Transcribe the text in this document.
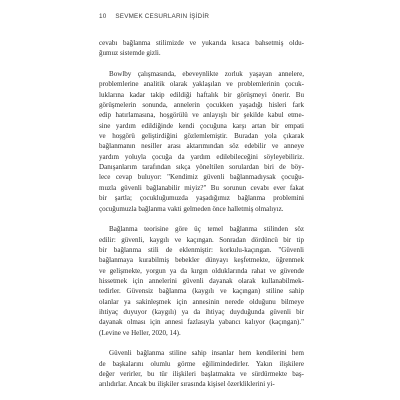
10 SEVMEK CESURLARIN İŞİDİR
cevabı bağlanma stilimizde ve yukarıda kısaca bahsetmiş oldu-
ğumuz sistemde gizli.
Bowlby çalışmasında, ebeveynlikte zorluk yaşayan annelere,
problemlerine analitik olarak yaklaşılan ve problemlerinin çocuk-
luklarına kadar takip edildiği haftalık bir görüşmeyi önerir. Bu
görüşmelerin sonunda, annelerin çocukken yaşadığı hisleri fark
edip hatırlamasına, hoşgörülü ve anlayışlı bir şekilde kabul etme-
sine yardım edildiğinde kendi çocuğuna karşı artan bir empati
ve hoşgörü geliştirdiğini gözlemlemiştir. Buradan yola çıkarak
bağlanmanın nesiller arası aktarımından söz edebilir ve anneye
yardım yoluyla çocuğa da yardım edilebileceğini söyleyebiliriz.
Danışanlarım tarafından sıkça yöneltilen sorulardan biri de böy-
lece cevap buluyor: "Kendimiz güvenli bağlanmadıysak çocuğu-
muzla güvenli bağlanabilir miyiz?" Bu sorunun cevabı ever fakat
bir şartla; çocukluğumuzda yaşadığımız bağlanma problemini
çocuğumuzla bağlanma vakti gelmeden önce halletmiş olmalıyız.
Bağlanma teorisine göre üç temel bağlanma stilinden söz
edilir: güvenli, kaygılı ve kaçıngan. Sonradan dördüncü bir tip
bir bağlanma stili de eklenmiştir: korkulu-kaçıngan. "Güvenli
bağlanmaya kurabilmiş bebekler dünyayı keşfetmekte, öğrenmek
ve gelişmekte, yorgun ya da kırgın olduklarında rahat ve güvende
hissetmek için annelerini güvenli dayanak olarak kullanabilmek-
tedirler. Güvensiz bağlanma (kaygılı ve kaçıngan) stiline sahip
olanlar ya sakinleşmek için annesinin nerede olduğunu bilmeye
ihtiyaç duyuyor (kaygılı) ya da ihtiyaç duyduğunda güvenli bir
dayanak olması için annesi fazlasıyla yabancı kalıyor (kaçıngan)."
(Levine ve Heller, 2020, 14).
Güvenli bağlanma stiline sahip insanlar hem kendilerini hem
de başkalarını olumlu görme eğilimindedirler. Yakın ilişkilere
değer verirler, bu tür ilişkileri başlatmakta ve sürdürmekte baş-
arılıdırlar. Ancak bu ilişkiler sırasında kişisel özerkliklerini yi-
